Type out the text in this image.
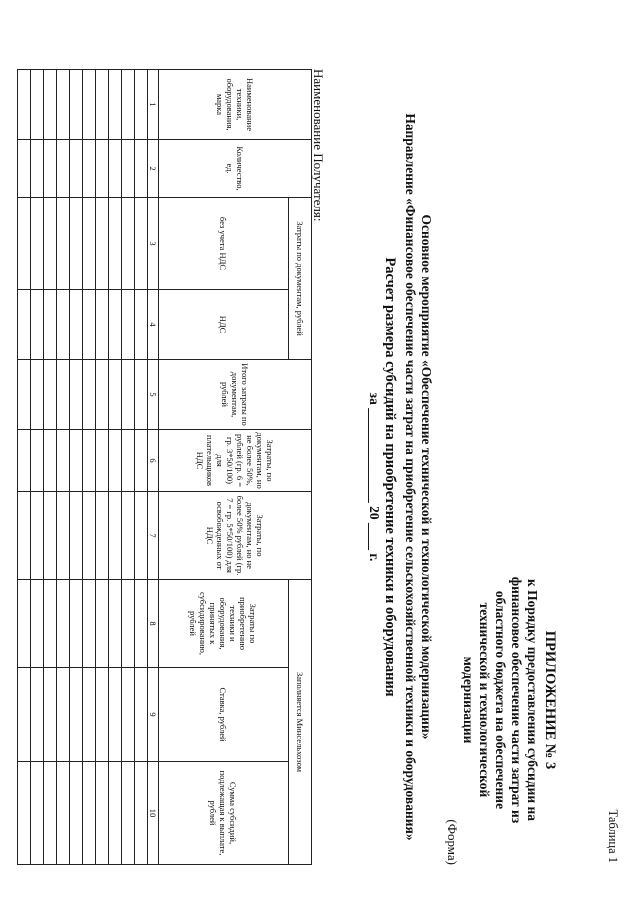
Таблица 1
ПРИЛОЖЕНИЕ № 3
к Порядку предоставления субсидии на
финансовое обеспечение части затрат из
областного бюджета на обеспечение
технической и технологической
модернизации
(Форма)
Основное мероприятие «Обеспечение технической и технологической модернизации»
Направление «Финансовое обеспечение части затрат на приобретение сельскохозяйственной техники и оборудования»
Расчет размера субсидий на приобретение техники и оборудования
за ______________ 20 ____ г.
Наименование Получателя:
Наименование техники, оборудования, марка	Количество, ед.	Затраты по документам, рублей		Итого затраты по документам, рублей	Затраты, по документам, но не более 50%, рублей (гр. 6 = гр. 3*50/100) для плательщиков НДС	Затраты, по документам, но не более 50% рублей (гр. 7 = гр. 5*50/100) для освобожденных от НДС	Заполняется Минсельхозом		
		без учета НДС	НДС				Затраты по приобретению техники и оборудования, принятых к субсидированию, рублей	Ставка, рублей	Сумма субсидий, подлежащая к выплате, рублей
1	2	3	4	5	6	7	8	9	10
